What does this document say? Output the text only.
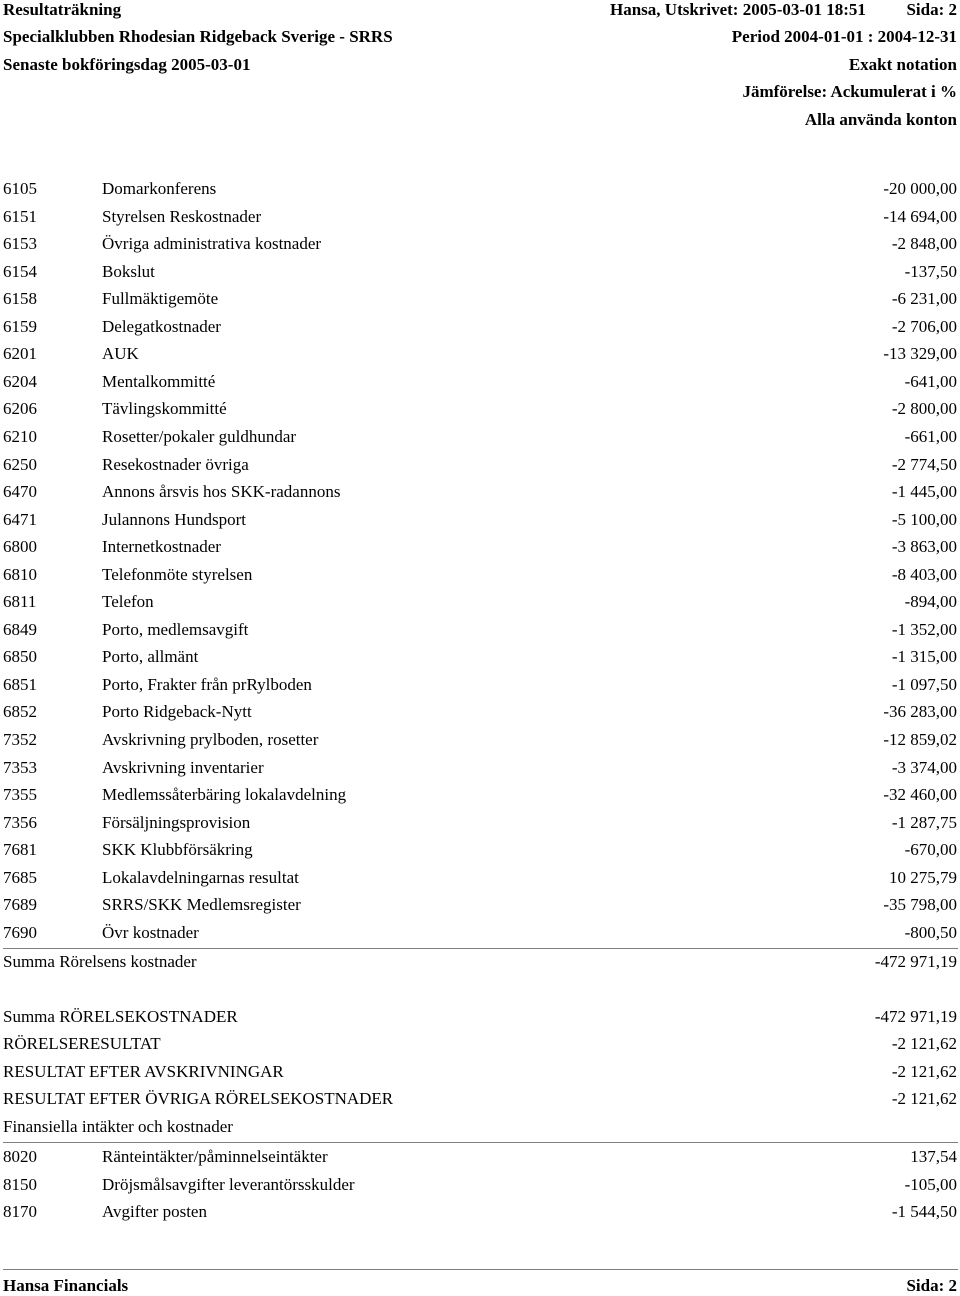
Resultaträkning
Specialklubben Rhodesian Ridgeback Sverige - SRRS
Senaste bokföringsdag 2005-03-01
Hansa, Utskrivet: 2005-03-01 18:51 Sida: 2
Period 2004-01-01 : 2004-12-31
Exakt notation
Jämförelse: Ackumulerat i %
Alla använda konton
6105	Domarkonferens	-20 000,00
6151	Styrelsen Reskostnader	-14 694,00
6153	Övriga administrativa kostnader	-2 848,00
6154	Bokslut	-137,50
6158	Fullmäktigemöte	-6 231,00
6159	Delegatkostnader	-2 706,00
6201	AUK	-13 329,00
6204	Mentalkommitté	-641,00
6206	Tävlingskommitté	-2 800,00
6210	Rosetter/pokaler guldhundar	-661,00
6250	Resekostnader övriga	-2 774,50
6470	Annons årsvis hos SKK-radannons	-1 445,00
6471	Julannons Hundsport	-5 100,00
6800	Internetkostnader	-3 863,00
6810	Telefonmöte styrelsen	-8 403,00
6811	Telefon	-894,00
6849	Porto, medlemsavgift	-1 352,00
6850	Porto, allmänt	-1 315,00
6851	Porto, Frakter från prRylboden	-1 097,50
6852	Porto Ridgeback-Nytt	-36 283,00
7352	Avskrivning prylboden, rosetter	-12 859,02
7353	Avskrivning inventarier	-3 374,00
7355	Medlemssåterbäring lokalavdelning	-32 460,00
7356	Försäljningsprovision	-1 287,75
7681	SKK Klubbförsäkring	-670,00
7685	Lokalavdelningarnas resultat	10 275,79
7689	SRRS/SKK Medlemsregister	-35 798,00
7690	Övr kostnader	-800,50
Summa Rörelsens kostnader	-472 971,19
Summa RÖRELSEKOSTNADER	-472 971,19
RÖRELSERESULTAT	-2 121,62
RESULTAT EFTER AVSKRIVNINGAR	-2 121,62
RESULTAT EFTER ÖVRIGA RÖRELSEKOSTNADER	-2 121,62
Finansiella intäkter och kostnader
8020	Ränteintäkter/påminnelseintäkter	137,54
8150	Dröjsmålsavgifter leverantörsskulder	-105,00
8170	Avgifter posten	-1 544,50
Hansa Financials	Sida: 2
